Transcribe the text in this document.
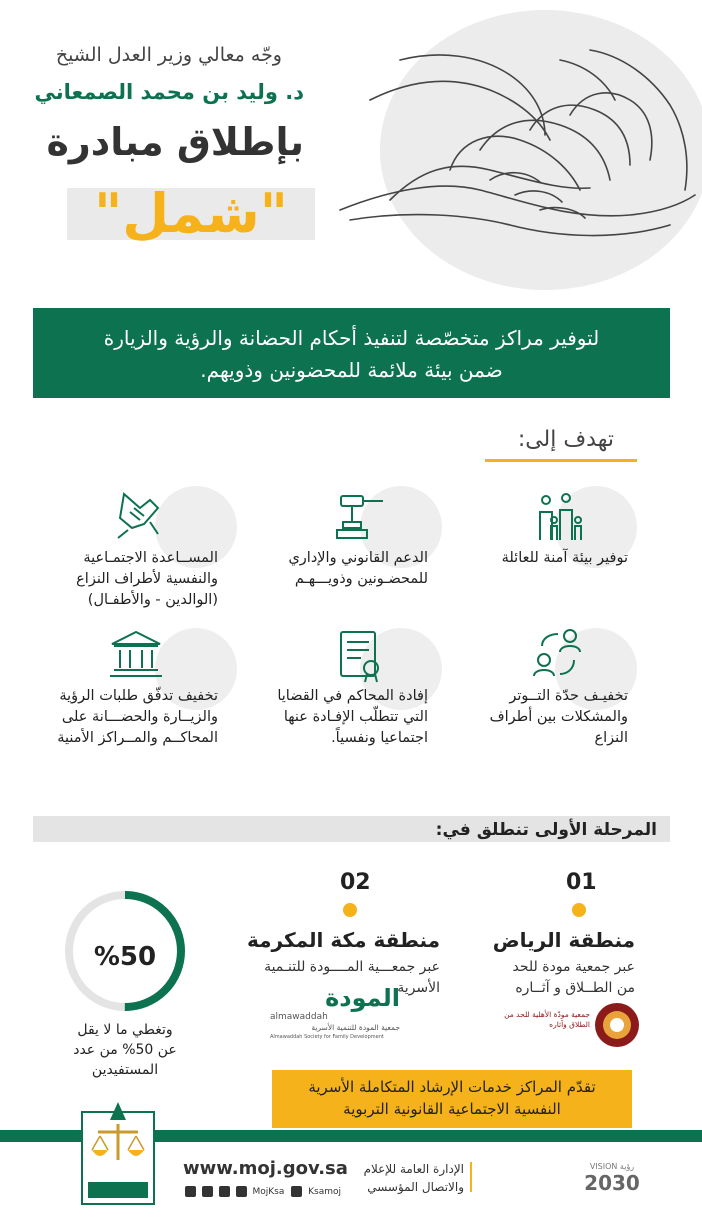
وجّه معالي وزير العدل الشيخ
د. وليد بن محمد الصمعاني
بإطلاق مبادرة
"شمل"
لتوفير مراكز متخصّصة لتنفيذ أحكام الحضانة والرؤية والزيارة
ضمن بيئة ملائمة للمحضونين وذويهم.
تهدف إلى:
توفير بيئة آمنة للعائلة
الدعم القانوني والإداري
للمحضـونين وذويـــهـم
المســاعدة الاجتمـاعية
والنفسية لأطراف النزاع
(الوالدين - والأطفـال)
تخفيـف حدّة التــوتر
والمشكلات بين أطراف
النزاع
إفادة المحاكم في القضايا
التي تتطلّب الإفـادة عنها
اجتماعيا ونفسياً.
تخفيف تدفّق طلبات الرؤية
والزيــارة والحضـــانة على
المحاكــم والمــراكز الأمنية
المرحلة الأولى تنطلق في:
01
منطقة الرياض
عبر جمعية مودة للحد
من الطــلاق و آثــاره
جمعية مودّة الأهلية للحد من الطلاق وآثاره
02
منطقة مكة المكرمة
عبر جمعـــية المــــودة للتنـمية
الأسرية
المودة
almawaddah
جمعية المودة للتنمية الأسرية
Almawaddah Society for Family Development
%50
وتغطي ما لا يقل
عن 50% من عدد
المستفيدين
تقدّم المراكز خدمات الإرشاد المتكاملة الأسرية
النفسية الاجتماعية القانونية التربوية
www.moj.gov.sa
MojKsa	Ksamoj
الإدارة العامة للإعلام
والاتصال المؤسسي
VISION رؤية
2030
